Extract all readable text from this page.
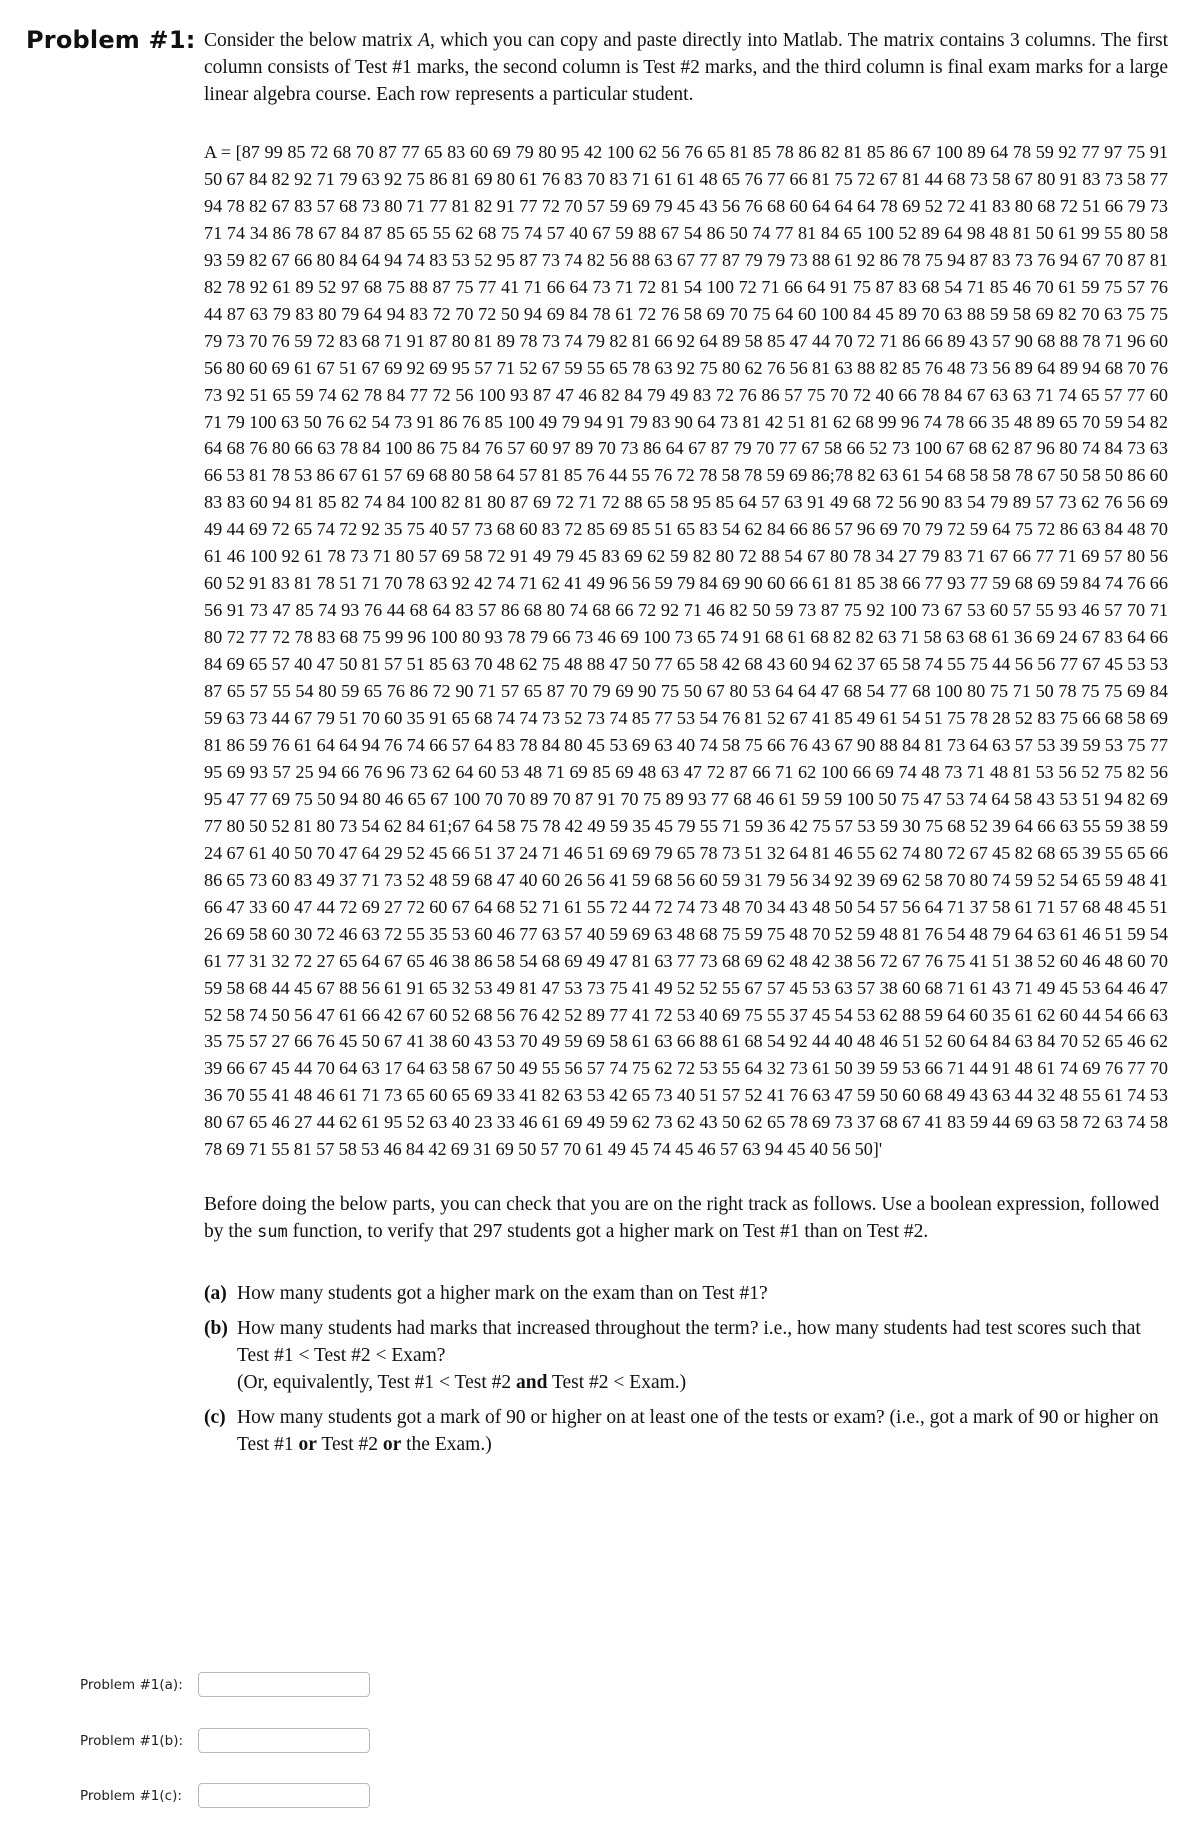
Problem #1: Consider the below matrix A, which you can copy and paste directly into Matlab. The matrix contains 3 columns. The first column consists of Test #1 marks, the second column is Test #2 marks, and the third column is final exam marks for a large linear algebra course. Each row represents a particular student.

A = [87 99 85 72 68 70 87 77 65 83 60 69 79 80 95 42 100 62 56 76 65 81 85 78 86 82 81 85 86 67 100 89 64 78 59 92 77 97 75 91 50 67 84 82 92 71 79 63 92 75 86 81 69 80 61 76 83 70 83 71 61 61 48 65 76 77 66 81 75 72 67 81 44 68 73 58 67 80 91 83 73 58 77 94 78 82 67 83 57 68 73 80 71 77 81 82 91 77 72 70 57 59 69 79 45 43 56 76 68 60 64 64 64 78 69 52 72 41 83 80 68 72 51 66 79 73 71 74 34 86 78 67 84 87 85 65 55 62 68 75 74 57 40 67 59 88 67 54 86 50 74 77 81 84 65 100 52 89 64 98 48 81 50 61 99 55 80 58 93 59 82 67 66 80 84 64 94 74 83 53 52 95 87 73 74 82 56 88 63 67 77 87 79 79 73 88 61 92 86 78 75 94 87 83 73 76 94 67 70 87 81 82 78 92 61 89 52 97 68 75 88 87 75 77 41 71 66 64 73 71 72 81 54 100 72 71 66 64 91 75 87 83 68 54 71 85 46 70 61 59 75 57 76 44 87 63 79 83 80 79 64 94 83 72 70 72 50 94 69 84 78 61 72 76 58 69 70 75 64 60 100 84 45 89 70 63 88 59 58 69 82 70 63 75 75 79 73 70 76 59 72 83 68 71 91 87 80 81 89 78 73 74 79 82 81 66 92 64 89 58 85 47 44 70 72 71 86 66 89 43 57 90 68 88 78 71 96 60 56 80 60 69 61 67 51 67 69 92 69 95 57 71 52 67 59 55 65 78 63 92 75 80 62 76 56 81 63 88 82 85 76 48 73 56 89 64 89 94 68 70 76 73 92 51 65 59 74 62 78 84 77 72 56 100 93 87 47 46 82 84 79 49 83 72 76 86 57 75 70 72 40 66 78 84 67 63 63 71 74 65 57 77 60 71 79 100 63 50 76 62 54 73 91 86 76 85 100 49 79 94 91 79 83 90 64 73 81 42 51 81 62 68 99 96 74 78 66 35 48 89 65 70 59 54 82 64 68 76 80 66 63 78 84 100 86 75 84 76 57 60 97 89 70 73 86 64 67 87 79 70 77 67 58 66 52 73 100 67 68 62 87 96 80 74 84 73 63 66 53 81 78 53 86 67 61 57 69 68 80 58 64 57 81 85 76 44 55 76 72 78 58 78 59 69 86;78 82 63 61 54 68 58 58 78 67 50 58 50 86 60 83 83 60 94 81 85 82 74 84 100 82 81 80 87 69 72 71 72 88 65 58 95 85 64 57 63 91 49 68 72 56 90 83 54 79 89 57 73 62 76 56 69 49 44 69 72 65 74 72 92 35 75 40 57 73 68 60 83 72 85 69 85 51 65 83 54 62 84 66 86 57 96 69 70 79 72 59 64 75 72 86 63 84 48 70 61 46 100 92 61 78 73 71 80 57 69 58 72 91 49 79 45 83 69 62 59 82 80 72 88 54 67 80 78 34 27 79 83 71 67 66 77 71 69 57 80 56 60 52 91 83 81 78 51 71 70 78 63 92 42 74 71 62 41 49 96 56 59 79 84 69 90 60 66 61 81 85 38 66 77 93 77 59 68 69 59 84 74 76 66 56 91 73 47 85 74 93 76 44 68 64 83 57 86 68 80 74 68 66 72 92 71 46 82 50 59 73 87 75 92 100 73 67 53 60 57 55 93 46 57 70 71 80 72 77 72 78 83 68 75 99 96 100 80 93 78 79 66 73 46 69 100 73 65 74 91 68 61 68 82 82 63 71 58 63 68 61 36 69 24 67 83 64 66 84 69 65 57 40 47 50 81 57 51 85 63 70 48 62 75 48 88 47 50 77 65 58 42 68 43 60 94 62 37 65 58 74 55 75 44 56 56 77 67 45 53 53 87 65 57 55 54 80 59 65 76 86 72 90 71 57 65 87 70 79 69 90 75 50 67 80 53 64 64 47 68 54 77 68 100 80 75 71 50 78 75 75 69 84 59 63 73 44 67 79 51 70 60 35 91 65 68 74 74 73 52 73 74 85 77 53 54 76 81 52 67 41 85 49 61 54 51 75 78 28 52 83 75 66 68 58 69 81 86 59 76 61 64 64 94 76 74 66 57 64 83 78 84 80 45 53 69 63 40 74 58 75 66 76 43 67 90 88 84 81 73 64 63 57 53 39 59 53 75 77 95 69 93 57 25 94 66 76 96 73 62 64 60 53 48 71 69 85 69 48 63 47 72 87 66 71 62 100 66 69 74 48 73 71 48 81 53 56 52 75 82 56 95 47 77 69 75 50 94 80 46 65 67 100 70 70 89 70 87 91 70 75 89 93 77 68 46 61 59 59 100 50 75 47 53 74 64 58 43 53 51 94 82 69 77 80 50 52 81 80 73 54 62 84 61;67 64 58 75 78 42 49 59 35 45 79 55 71 59 36 42 75 57 53 59 30 75 68 52 39 64 66 63 55 59 38 59 24 67 61 40 50 70 47 64 29 52 45 66 51 37 24 71 46 51 69 69 79 65 78 73 51 32 64 81 46 55 62 74 80 72 67 45 82 68 65 39 55 65 66 86 65 73 60 83 49 37 71 73 52 48 59 68 47 40 60 26 56 41 59 68 56 60 59 31 79 56 34 92 39 69 62 58 70 80 74 59 52 54 65 59 48 41 66 47 33 60 47 44 72 69 27 72 60 67 64 68 52 71 61 55 72 44 72 74 73 48 70 34 43 48 50 54 57 56 64 71 37 58 61 71 57 68 48 45 51 26 69 58 60 30 72 46 63 72 55 35 53 60 46 77 63 57 40 59 69 63 48 68 75 59 75 48 70 52 59 48 81 76 54 48 79 64 63 61 46 51 59 54 61 77 31 32 72 27 65 64 67 65 46 38 86 58 54 68 69 49 47 81 63 77 73 68 69 62 48 42 38 56 72 67 76 75 41 51 38 52 60 46 48 60 70 59 58 68 44 45 67 88 56 61 91 65 32 53 49 81 47 53 73 75 41 49 52 52 55 67 57 45 53 63 57 38 60 68 71 61 43 71 49 45 53 64 46 47 52 58 74 50 56 47 61 66 42 67 60 52 68 56 76 42 52 89 77 41 72 53 40 69 75 55 37 45 54 53 62 88 59 64 60 35 61 62 60 44 54 66 63 35 75 57 27 66 76 45 50 67 41 38 60 43 53 70 49 59 69 58 61 63 66 88 61 68 54 92 44 40 48 46 51 52 60 64 84 63 84 70 52 65 46 62 39 66 67 45 44 70 64 63 17 64 63 58 67 50 49 55 56 57 74 75 62 72 53 55 64 32 73 61 50 39 59 53 66 71 44 91 48 61 74 69 76 77 70 36 70 55 41 48 46 61 71 73 65 60 65 69 33 41 82 63 53 42 65 73 40 51 57 52 41 76 63 47 59 50 60 68 49 43 63 44 32 48 55 61 74 53 80 67 65 46 27 44 62 61 95 52 63 40 23 33 46 61 69 49 59 62 73 62 43 50 62 65 78 69 73 37 68 67 41 83 59 44 69 63 58 72 63 74 58 78 69 71 55 81 57 58 53 46 84 42 69 31 69 50 57 70 61 49 45 74 45 46 57 63 94 45 40 56 50]'

Before doing the below parts, you can check that you are on the right track as follows. Use a boolean expression, followed by the sum function, to verify that 297 students got a higher mark on Test #1 than on Test #2.

(a) How many students got a higher mark on the exam than on Test #1?
(b) How many students had marks that increased throughout the term? i.e., how many students had test scores such that Test #1 < Test #2 < Exam?
(Or, equivalently, Test #1 < Test #2 and Test #2 < Exam.)
(c) How many students got a mark of 90 or higher on at least one of the tests or exam? (i.e., got a mark of 90 or higher on Test #1 or Test #2 or the Exam.)
Problem #1(a):
Problem #1(b):
Problem #1(c):
